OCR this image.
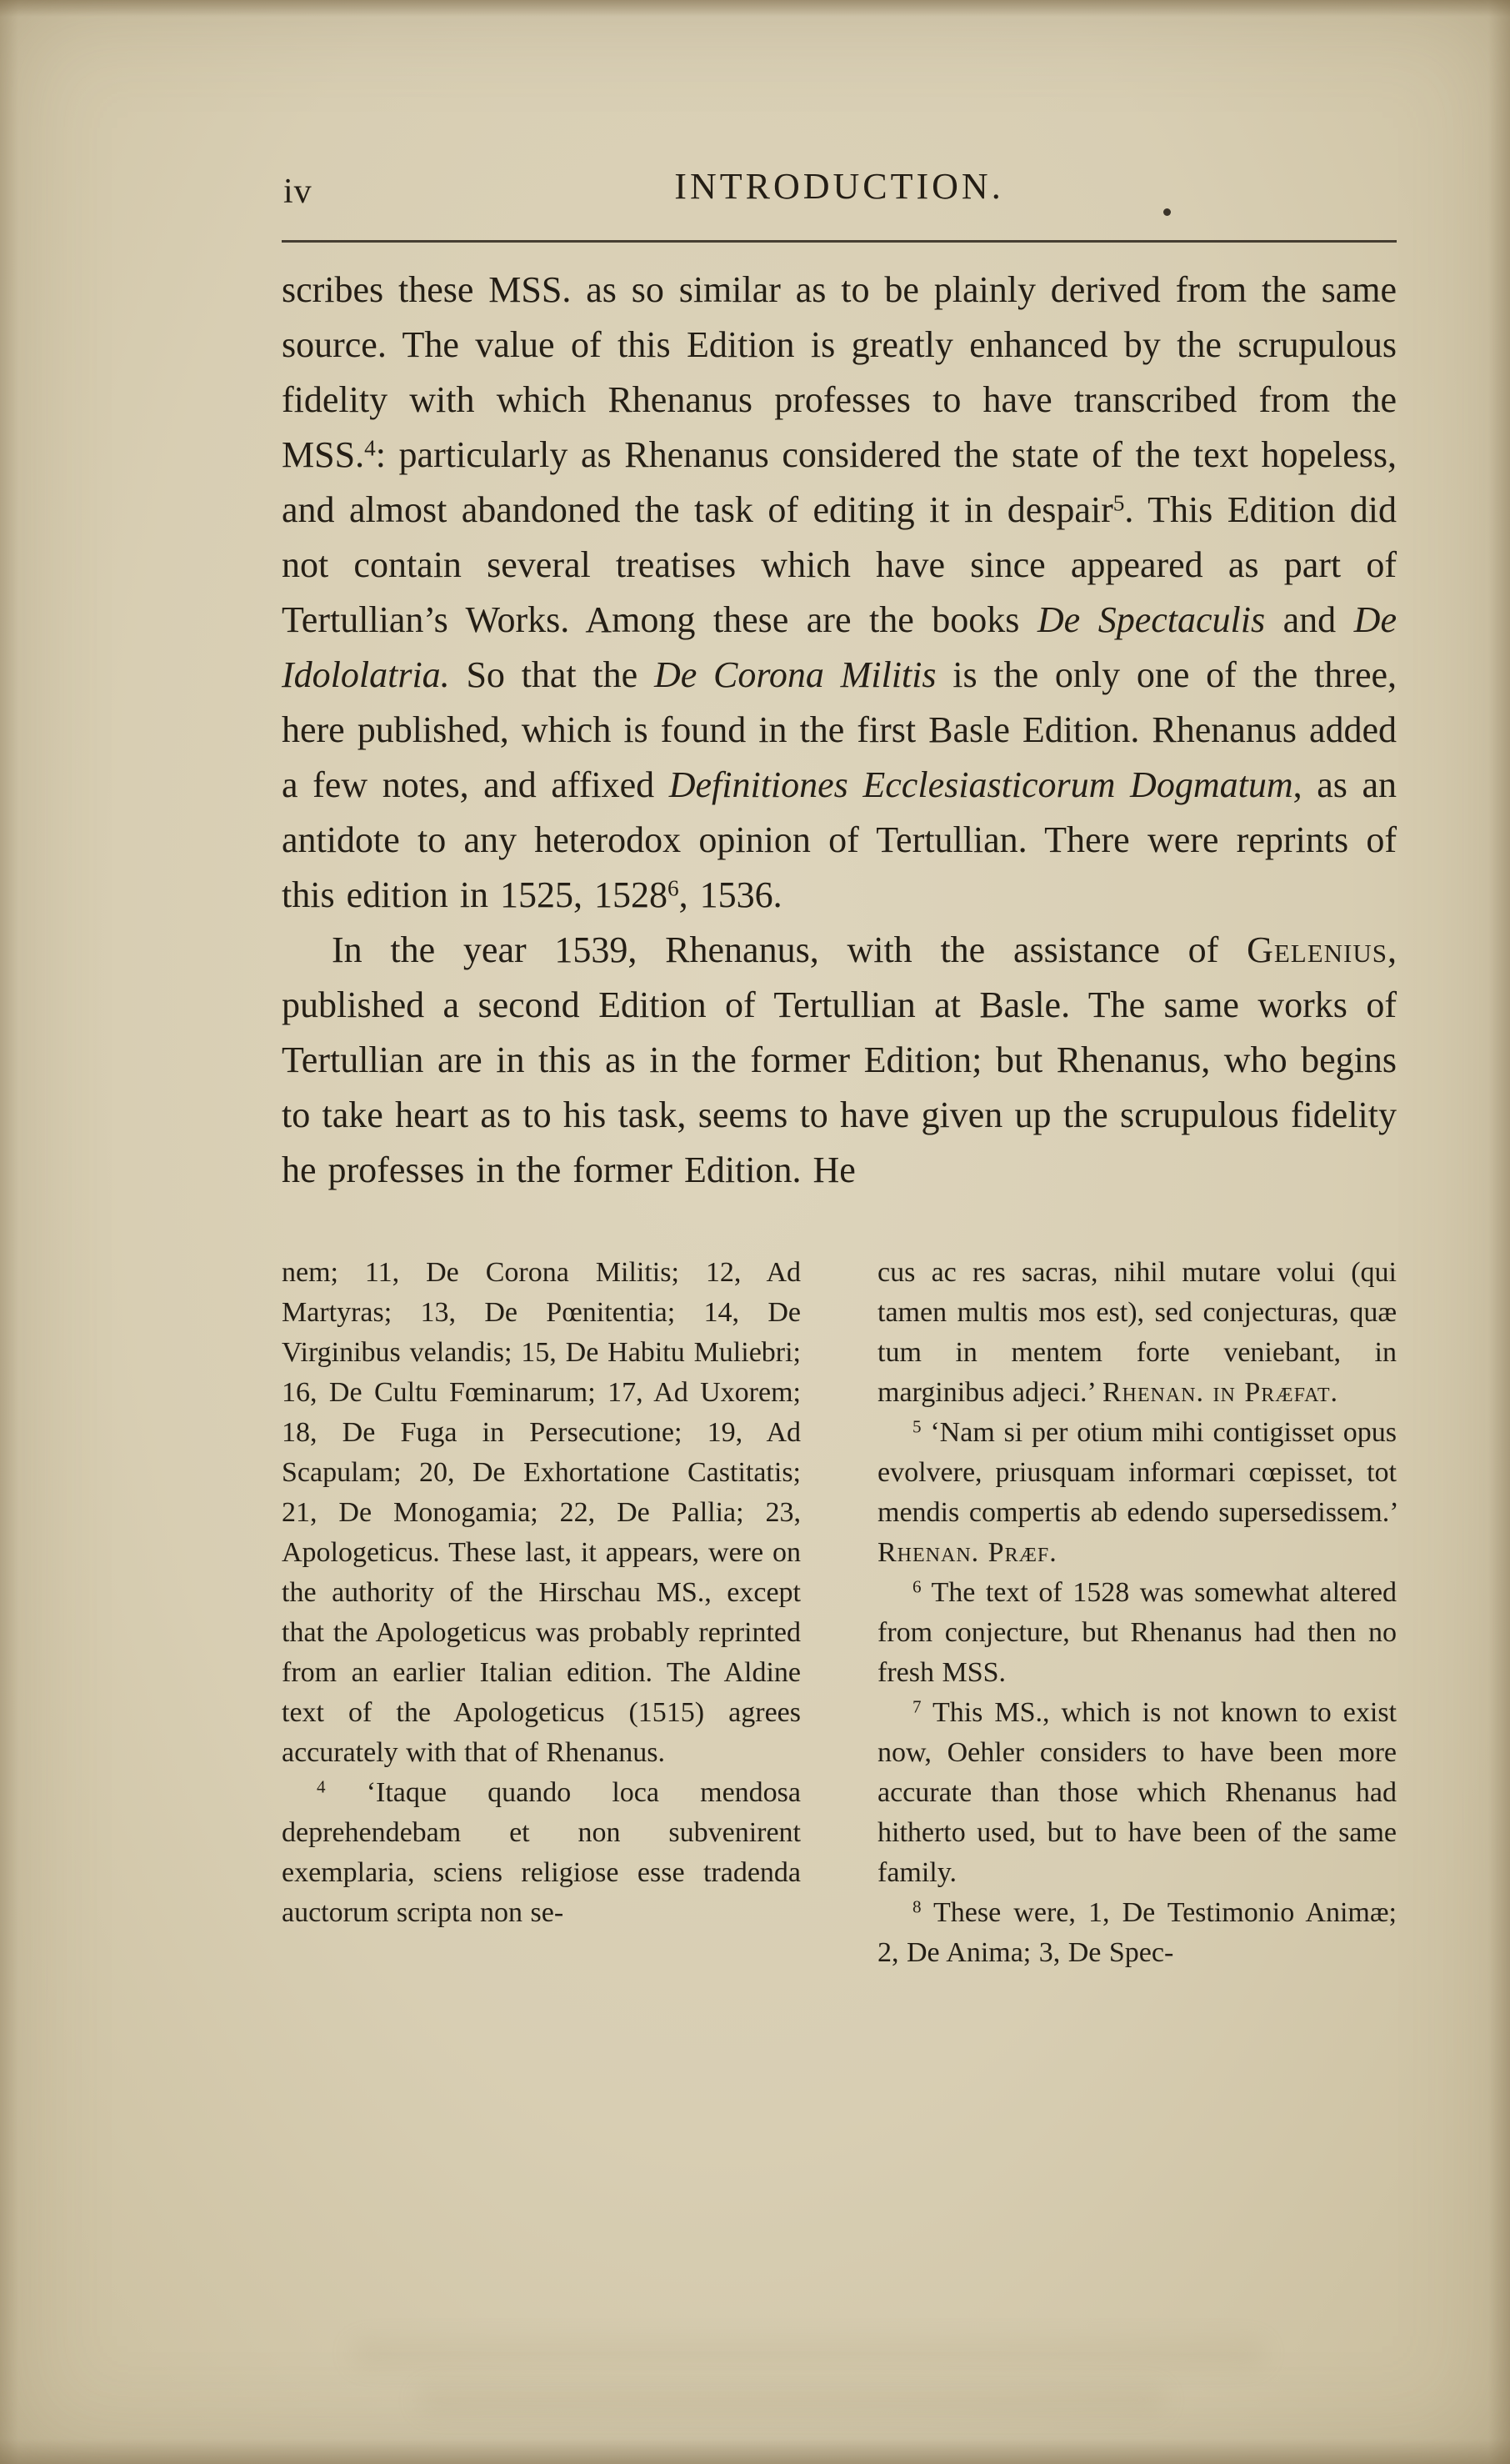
iv	INTRODUCTION.

scribes these MSS. as so similar as to be plainly derived from the same source. The value of this Edition is greatly enhanced by the scrupulous fidelity with which Rhenanus professes to have transcribed from the MSS.$^4$: particularly as Rhenanus considered the state of the text hopeless, and almost abandoned the task of editing it in despair$^5$. This Edition did not contain several treatises which have since appeared as part of Tertullian’s Works. Among these are the books De Spectaculis and De Idololatria. So that the De Corona Militis is the only one of the three, here published, which is found in the first Basle Edition. Rhenanus added a few notes, and affixed Definitiones Ecclesiasticorum Dogmatum, as an antidote to any heterodox opinion of Tertullian. There were reprints of this edition in 1525, 1528$^6$, 1536.

In the year 1539, Rhenanus, with the assistance of Gelenius, published a second Edition of Tertullian at Basle. The same works of Tertullian are in this as in the former Edition; but Rhenanus, who begins to take heart as to his task, seems to have given up the scrupulous fidelity he professes in the former Edition. He

nem; 11, De Corona Militis; 12, Ad Martyras; 13, De Pœnitentia; 14, De Virginibus velandis; 15, De Habitu Muliebri; 16, De Cultu Fœminarum; 17, Ad Uxorem; 18, De Fuga in Persecutione; 19, Ad Scapulam; 20, De Exhortatione Castitatis; 21, De Monogamia; 22, De Pallia; 23, Apologeticus. These last, it appears, were on the authority of the Hirschau MS., except that the Apologeticus was probably reprinted from an earlier Italian edition. The Aldine text of the Apologeticus (1515) agrees accurately with that of Rhenanus.

$^4$ ‘Itaque quando loca mendosa deprehendebam et non subvenirent exemplaria, sciens religiose esse tradenda auctorum scripta non se-

cus ac res sacras, nihil mutare volui (qui tamen multis mos est), sed conjecturas, quæ tum in mentem forte veniebant, in marginibus adjeci.’ Rhenan. in Præfat.

$^5$ ‘Nam si per otium mihi contigisset opus evolvere, priusquam informari cœpisset, tot mendis compertis ab edendo supersedissem.’ Rhenan. Præf.

$^6$ The text of 1528 was somewhat altered from conjecture, but Rhenanus had then no fresh MSS.

$^7$ This MS., which is not known to exist now, Oehler considers to have been more accurate than those which Rhenanus had hitherto used, but to have been of the same family.

$^8$ These were, 1, De Testimonio Animæ; 2, De Anima; 3, De Spec-
